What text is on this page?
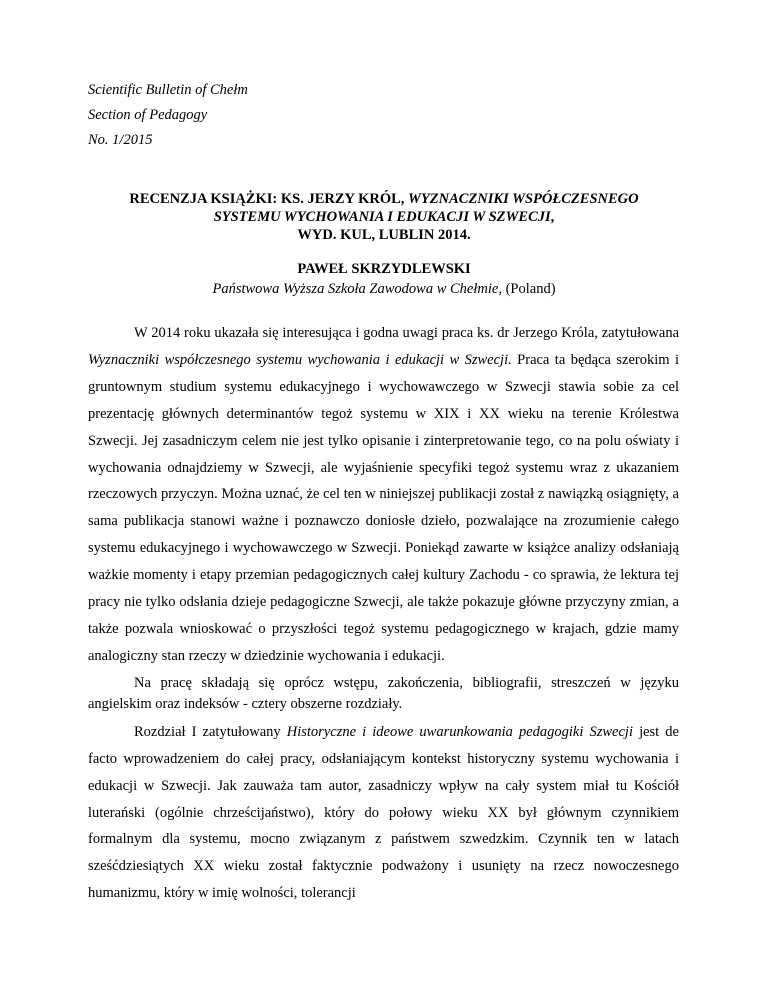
Scientific Bulletin of Chełm
Section of Pedagogy
No. 1/2015
RECENZJA KSIĄŻKI: KS. JERZY KRÓL, WYZNACZNIKI WSPÓŁCZESNEGO
SYSTEMU WYCHOWANIA I EDUKACJI W SZWECJI,
WYD. KUL, LUBLIN 2014.
PAWEŁ SKRZYDLEWSKI
Państwowa Wyższa Szkoła Zawodowa w Chełmie, (Poland)

W 2014 roku ukazała się interesująca i godna uwagi praca ks. dr Jerzego Króla, zatytułowana Wyznaczniki współczesnego systemu wychowania i edukacji w Szwecji. Praca ta będąca szerokim i gruntownym studium systemu edukacyjnego i wychowawczego w Szwecji stawia sobie za cel prezentację głównych determinantów tegoż systemu w XIX i XX wieku na terenie Królestwa Szwecji. Jej zasadniczym celem nie jest tylko opisanie i zinterpretowanie tego, co na polu oświaty i wychowania odnajdziemy w Szwecji, ale wyjaśnienie specyfiki tegoż systemu wraz z ukazaniem rzeczowych przyczyn. Można uznać, że cel ten w niniejszej publikacji został z nawiązką osiągnięty, a sama publikacja stanowi ważne i poznawczo doniosłe dzieło, pozwalające na zrozumienie całego systemu edukacyjnego i wychowawczego w Szwecji. Poniekąd zawarte w książce analizy odsłaniają ważkie momenty i etapy przemian pedagogicznych całej kultury Zachodu - co sprawia, że lektura tej pracy nie tylko odsłania dzieje pedagogiczne Szwecji, ale także pokazuje główne przyczyny zmian, a także pozwala wnioskować o przyszłości tegoż systemu pedagogicznego w krajach, gdzie mamy analogiczny stan rzeczy w dziedzinie wychowania i edukacji.

Na pracę składają się oprócz wstępu, zakończenia, bibliografii, streszczeń w języku angielskim oraz indeksów - cztery obszerne rozdziały.

Rozdział I zatytułowany Historyczne i ideowe uwarunkowania pedagogiki Szwecji jest de facto wprowadzeniem do całej pracy, odsłaniającym kontekst historyczny systemu wychowania i edukacji w Szwecji. Jak zauważa tam autor, zasadniczy wpływ na cały system miał tu Kościół luterański (ogólnie chrześcijaństwo), który do połowy wieku XX był głównym czynnikiem formalnym dla systemu, mocno związanym z państwem szwedzkim. Czynnik ten w latach sześćdziesiątych XX wieku został faktycznie podważony i usunięty na rzecz nowoczesnego humanizmu, który w imię wolności, tolerancji
